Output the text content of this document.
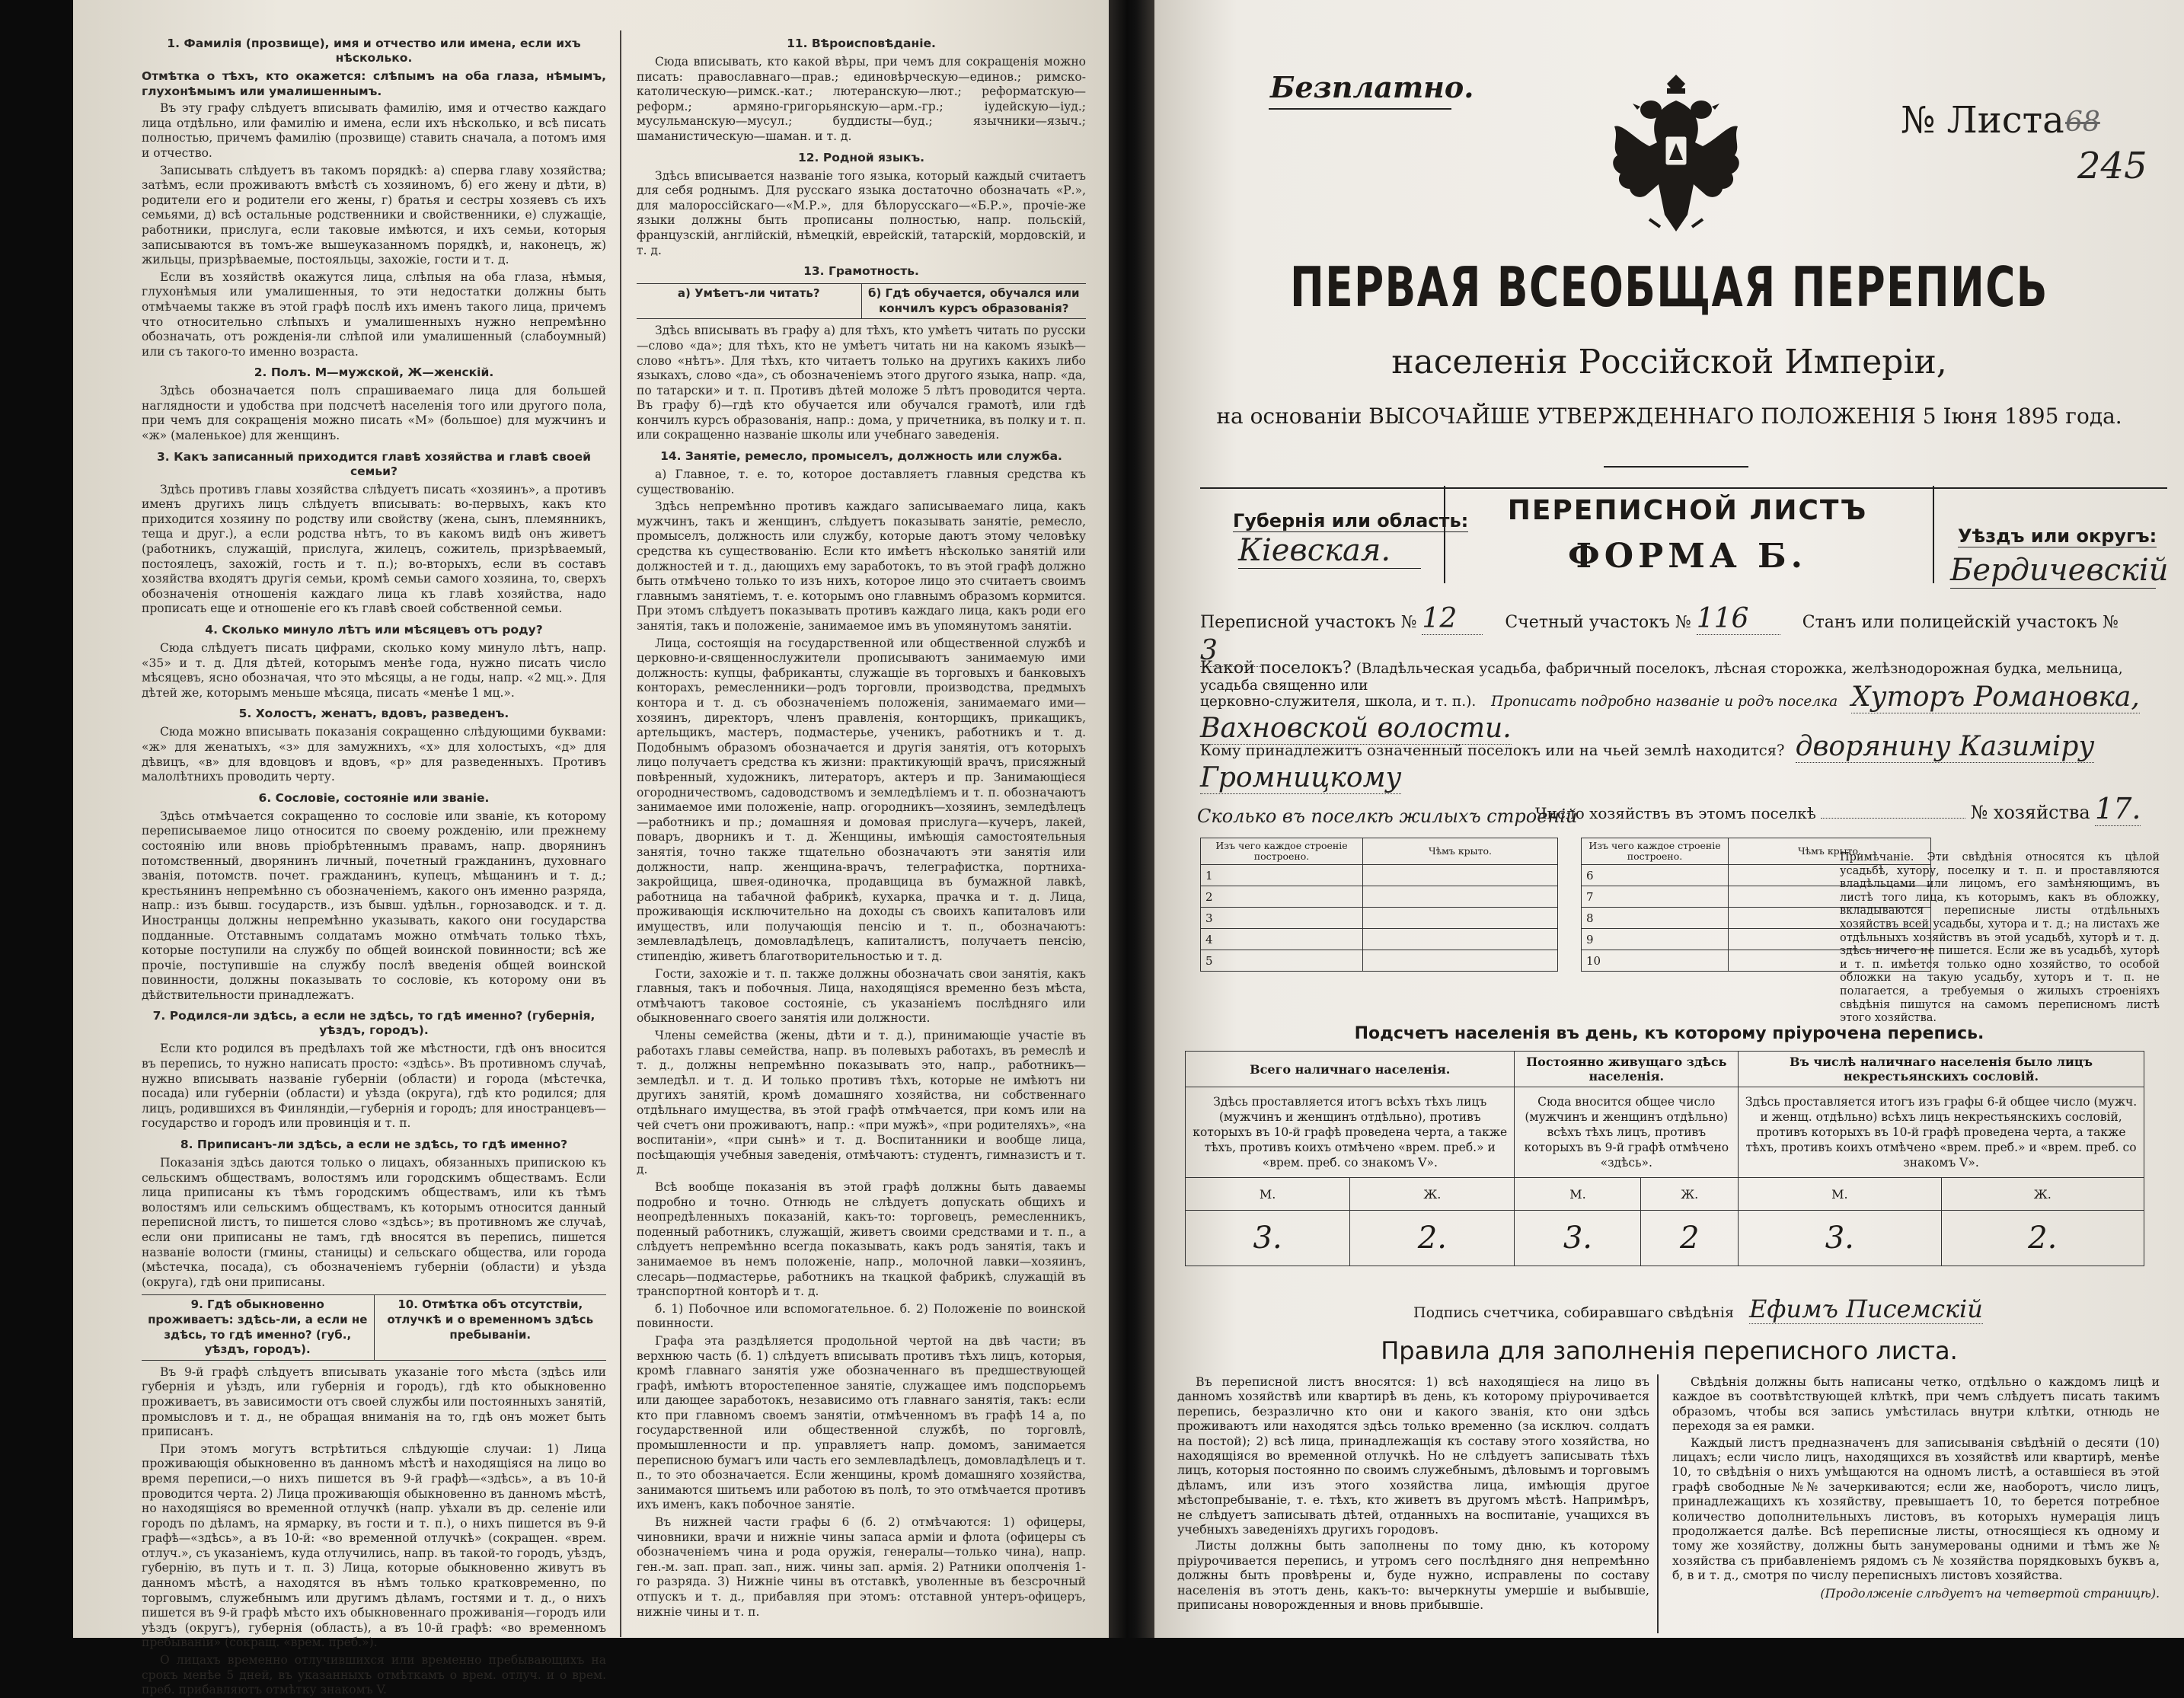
1. Фамилія (прозвище), имя и отчество или имена, если ихъ нѣсколько.

Отмѣтка о тѣхъ, кто окажется: слѣпымъ на оба глаза, нѣмымъ, глухонѣмымъ или умалишеннымъ.

Въ эту графу слѣдуетъ вписывать фамилію, имя и отчество каждаго лица отдѣльно, или фамилію и имена, если ихъ нѣсколько, и всѣ писать полностью, причемъ фамилію (прозвище) ставить сначала, а потомъ имя и отчество.

Записывать слѣдуетъ въ такомъ порядкѣ: а) сперва главу хозяйства; затѣмъ, если проживаютъ вмѣстѣ съ хозяиномъ, б) его жену и дѣти, в) родители его и родители его жены, г) братья и сестры хозяевъ съ ихъ семьями, д) всѣ остальные родственники и свойственники, е) служащіе, работники, прислуга, если таковые имѣются, и ихъ семьи, которыя записываются въ томъ-же вышеуказанномъ порядкѣ, и, наконецъ, ж) жильцы, призрѣваемые, постояльцы, захожіе, гости и т. д.

Если въ хозяйствѣ окажутся лица, слѣпыя на оба глаза, нѣмыя, глухонѣмыя или умалишенныя, то эти недостатки должны быть отмѣчаемы также въ этой графѣ послѣ ихъ именъ такого лица, причемъ что относительно слѣпыхъ и умалишенныхъ нужно непремѣнно обозначать, отъ рожденія-ли слѣпой или умалишенный (слабоумный) или съ такого-то именно возраста.

2. Полъ. М—мужской, Ж—женскій.

Здѣсь обозначается полъ спрашиваемаго лица для большей наглядности и удобства при подсчетѣ населенія того или другого пола, при чемъ для сокращенія можно писать «М» (большое) для мужчинъ и «ж» (маленькое) для женщинъ.

3. Какъ записанный приходится главѣ хозяйства и главѣ своей семьи?

Здѣсь противъ главы хозяйства слѣдуетъ писать «хозяинъ», а противъ именъ другихъ лицъ слѣдуетъ вписывать: во-первыхъ, какъ кто приходится хозяину по родству или свойству (жена, сынъ, племянникъ, теща и друг.), а если родства нѣтъ, то въ какомъ видѣ онъ живетъ (работникъ, служащій, прислуга, жилецъ, сожитель, призрѣваемый, постоялецъ, захожій, гость и т. п.); во-вторыхъ, если въ составъ хозяйства входятъ другія семьи, кромѣ семьи самого хозяина, то, сверхъ обозначенія отношенія каждаго лица къ главѣ хозяйства, надо прописать еще и отношеніе его къ главѣ своей собственной семьи.

4. Сколько минуло лѣтъ или мѣсяцевъ отъ роду?

Сюда слѣдуетъ писать цифрами, сколько кому минуло лѣтъ, напр. «35» и т. д. Для дѣтей, которымъ менѣе года, нужно писать число мѣсяцевъ, ясно обозначая, что это мѣсяцы, а не годы, напр. «2 мц.». Для дѣтей же, которымъ меньше мѣсяца, писать «менѣе 1 мц.».

5. Холостъ, женатъ, вдовъ, разведенъ.

Сюда можно вписывать показанія сокращенно слѣдующими буквами: «ж» для женатыхъ, «з» для замужнихъ, «х» для холостыхъ, «д» для дѣвицъ, «в» для вдовцовъ и вдовъ, «р» для разведенныхъ. Противъ малолѣтнихъ проводить черту.

6. Сословіе, состояніе или званіе.

Здѣсь отмѣчается сокращенно то сословіе или званіе, къ которому переписываемое лицо относится по своему рожденію, или прежнему состоянію или вновь пріобрѣтеннымъ правамъ, напр. дворянинъ потомственный, дворянинъ личный, почетный гражданинъ, духовнаго званія, потомств. почет. гражданинъ, купецъ, мѣщанинъ и т. д.; крестьянинъ непремѣнно съ обозначеніемъ, какого онъ именно разряда, напр.: изъ бывш. государств., изъ бывш. удѣльн., горнозаводск. и т. д. Иностранцы должны непремѣнно указывать, какого они государства подданные. Отставнымъ солдатамъ можно отмѣчать только тѣхъ, которые поступили на службу по общей воинской повинности; всѣ же прочіе, поступившіе на службу послѣ введенія общей воинской повинности, должны показывать то сословіе, къ которому они въ дѣйствительности принадлежатъ.

7. Родился-ли здѣсь, а если не здѣсь, то гдѣ именно? (губернія, уѣздъ, городъ).

Если кто родился въ предѣлахъ той же мѣстности, гдѣ онъ вносится въ перепись, то нужно написать просто: «здѣсь». Въ противномъ случаѣ, нужно вписывать названіе губерніи (области) и города (мѣстечка, посада) или губерніи (области) и уѣзда (округа), гдѣ кто родился; для лицъ, родившихся въ Финляндіи,—губернія и городъ; для иностранцевъ—государство и городъ или провинція и т. п.

8. Приписанъ-ли здѣсь, а если не здѣсь, то гдѣ именно?

Показанія здѣсь даются только о лицахъ, обязанныхъ припискою къ сельскимъ обществамъ, волостямъ или городскимъ обществамъ. Если лица приписаны къ тѣмъ городскимъ обществамъ, или къ тѣмъ волостямъ или сельскимъ обществамъ, къ которымъ относится данный переписной листъ, то пишется слово «здѣсь»; въ противномъ же случаѣ, если они приписаны не тамъ, гдѣ вносятся въ перепись, пишется названіе волости (гмины, станицы) и сельскаго общества, или города (мѣстечка, посада), съ обозначеніемъ губерніи (области) и уѣзда (округа), гдѣ они приписаны.

9. Гдѣ обыкновенно проживаетъ: здѣсь-ли, а если не здѣсь, то гдѣ именно? (губ., уѣздъ, городъ).
10. Отмѣтка объ отсутствіи, отлучкѣ и о временномъ здѣсь пребываніи.

Въ 9-й графѣ слѣдуетъ вписывать указаніе того мѣста (здѣсь или губернія и уѣздъ, или губернія и городъ), гдѣ кто обыкновенно проживаетъ, въ зависимости отъ своей службы или постоянныхъ занятій, промысловъ и т. д., не обращая вниманія на то, гдѣ онъ может быть приписанъ.

При этомъ могутъ встрѣтиться слѣдующіе случаи: 1) Лица проживающія обыкновенно въ данномъ мѣстѣ и находящіяся на лицо во время переписи,—о нихъ пишется въ 9-й графѣ—«здѣсь», а въ 10-й проводится черта. 2) Лица проживающія обыкновенно въ данномъ мѣстѣ, но находящіяся во временной отлучкѣ (напр. уѣхали въ др. селеніе или городъ по дѣламъ, на ярмарку, въ гости и т. п.), о нихъ пишется въ 9-й графѣ—«здѣсь», а въ 10-й: «во временной отлучкѣ» (сокращен. «врем. отлуч.», съ указаніемъ, куда отлучились, напр. въ такой-то городъ, уѣздъ, губернію, въ путь и т. п. 3) Лица, которые обыкновенно живутъ въ данномъ мѣстѣ, а находятся въ нѣмъ только кратковременно, по торговымъ, служебнымъ или другимъ дѣламъ, гостями и т. д., о нихъ пишется въ 9-й графѣ мѣсто ихъ обыкновеннаго проживанія—городъ или уѣздъ (округъ), губернія (область), а въ 10-й графѣ: «во временномъ пребываніи» (сокращ. «врем. преб.»).

О лицахъ временно отлучившихся или временно пребывающихъ на срокъ менѣе 5 дней, въ указанныхъ отмѣткамъ о врем. отлуч. и о врем. преб. прибавляютъ отмѣтку знакомъ V.

11. Вѣроисповѣданіе.

Сюда вписывать, кто какой вѣры, при чемъ для сокращенія можно писать: православнаго—прав.; единовѣрческую—единов.; римско-католическую—римск.-кат.; лютеранскую—лют.; реформатскую—реформ.; армяно-григорьянскую—арм.-гр.; іудейскую—іуд.; мусульманскую—мусул.; буддисты—буд.; язычники—языч.; шаманистическую—шаман. и т. д.

12. Родной языкъ.

Здѣсь вписывается названіе того языка, который каждый считаетъ для себя роднымъ. Для русскаго языка достаточно обозначать «Р.», для малороссійскаго—«М.Р.», для бѣлорусскаго—«Б.Р.», прочіе-же языки должны быть прописаны полностью, напр. польскій, французскій, англійскій, нѣмецкій, еврейскій, татарскій, мордовскій, и т. д.

13. Грамотность.
а) Умѣетъ-ли читать?	б) Гдѣ обучается, обучался или кончилъ курсъ образованія?

Здѣсь вписывать въ графу а) для тѣхъ, кто умѣетъ читать по русски—слово «да»; для тѣхъ, кто не умѣетъ читать ни на какомъ языкѣ—слово «нѣтъ». Для тѣхъ, кто читаетъ только на другихъ какихъ либо языкахъ, слово «да», съ обозначеніемъ этого другого языка, напр. «да, по татарски» и т. п. Противъ дѣтей моложе 5 лѣтъ проводится черта. Въ графу б)—гдѣ кто обучается или обучался грамотѣ, или гдѣ кончилъ курсъ образованія, напр.: дома, у причетника, въ полку и т. п. или сокращенно названіе школы или учебнаго заведенія.

14. Занятіе, ремесло, промыселъ, должность или служба.

а) Главное, т. е. то, которое доставляетъ главныя средства къ существованію.

Здѣсь непремѣнно противъ каждаго записываемаго лица, какъ мужчинъ, такъ и женщинъ, слѣдуетъ показывать занятіе, ремесло, промыселъ, должность или службу, которые даютъ этому человѣку средства къ существованію. Если кто имѣетъ нѣсколько занятій или должностей и т. д., дающихъ ему заработокъ, то въ этой графѣ должно быть отмѣчено только то изъ нихъ, которое лицо это считаетъ своимъ главнымъ занятіемъ, т. е. которымъ оно главнымъ образомъ кормится. При этомъ слѣдуетъ показывать противъ каждаго лица, какъ роди его занятія, такъ и положеніе, занимаемое имъ въ упомянутомъ занятіи.

Лица, состоящія на государственной или общественной службѣ и церковно-и-священнослужители прописываютъ занимаемую ими должность: купцы, фабриканты, служащіе въ торговыхъ и банковыхъ конторахъ, ремесленники—родъ торговли, производства, предмыхъ контора и т. д. съ обозначеніемъ положенія, занимаемаго ими—хозяинъ, директоръ, членъ правленія, конторщикъ, прикащикъ, артельщикъ, мастеръ, подмастерье, ученикъ, работникъ и т. д. Подобнымъ образомъ обозначается и другія занятія, отъ которыхъ лицо получаетъ средства къ жизни: практикующій врачъ, присяжный повѣренный, художникъ, литераторъ, актеръ и пр. Занимающіеся огородничествомъ, садоводствомъ и земледѣліемъ и т. п. обозначаютъ занимаемое ими положеніе, напр. огородникъ—хозяинъ, земледѣлецъ—работникъ и пр.; домашняя и домовая прислуга—кучеръ, лакей, поваръ, дворникъ и т. д. Женщины, имѣющія самостоятельныя занятія, точно также тщательно обозначаютъ эти занятія или должности, напр. женщина-врачъ, телеграфистка, портниха-закройщица, швея-одиночка, продавщица въ бумажной лавкѣ, работница на табачной фабрикѣ, кухарка, прачка и т. д. Лица, проживающія исключительно на доходы съ своихъ капиталовъ или имуществъ, или получающія пенсію и т. п., обозначаютъ: землевладѣлецъ, домовладѣлецъ, капиталистъ, получаетъ пенсію, стипендію, живетъ благотворительностью и т. д.

Гости, захожіе и т. п. также должны обозначать свои занятія, какъ главныя, такъ и побочныя. Лица, находящіяся временно безъ мѣста, отмѣчаютъ таковое состояніе, съ указаніемъ послѣдняго или обыкновеннаго своего занятія или должности.

Члены семейства (жены, дѣти и т. д.), принимающіе участіе въ работахъ главы семейства, напр. въ полевыхъ работахъ, въ ремеслѣ и т. д., должны непремѣнно показывать это, напр., работникъ—земледѣл. и т. д. И только противъ тѣхъ, которые не имѣютъ ни другихъ занятій, кромѣ домашняго хозяйства, ни собственнаго отдѣльнаго имущества, въ этой графѣ отмѣчается, при комъ или на чей счетъ они проживаютъ, напр.: «при мужѣ», «при родителяхъ», «на воспитаніи», «при сынѣ» и т. д. Воспитанники и вообще лица, посѣщающія учебныя заведенія, отмѣчаютъ: студентъ, гимназистъ и т. д.

Всѣ вообще показанія въ этой графѣ должны быть даваемы подробно и точно. Отнюдь не слѣдуетъ допускать общихъ и неопредѣленныхъ показаній, какъ-то: торговецъ, ремесленникъ, поденный работникъ, служащій, живетъ своими средствами и т. п., а слѣдуетъ непремѣнно всегда показывать, какъ родъ занятія, такъ и занимаемое въ немъ положеніе, напр., молочной лавки—хозяинъ, слесарь—подмастерье, работникъ на ткацкой фабрикѣ, служащій въ транспортной конторѣ и т. д.

б. 1) Побочное или вспомогательное. б. 2) Положеніе по воинской повинности.

Графа эта раздѣляется продольной чертой на двѣ части; въ верхнюю часть (б. 1) слѣдуетъ вписывать противъ тѣхъ лицъ, которыя, кромѣ главнаго занятія уже обозначеннаго въ предшествующей графѣ, имѣютъ второстепенное занятіе, служащее имъ подспорьемъ или дающее заработокъ, независимо отъ главнаго занятія, такъ: если кто при главномъ своемъ занятіи, отмѣченномъ въ графѣ 14 а, по государственной или общественной службѣ, по торговлѣ, промышленности и пр. управляетъ напр. домомъ, занимается переписною бумагъ или часть его землевладѣлецъ, домовладѣлецъ и т. п., то это обозначается. Если женщины, кромѣ домашняго хозяйства, занимаются шитьемъ или работою въ полѣ, то это отмѣчается противъ ихъ именъ, какъ побочное занятіе.

Въ нижней части графы 6 (б. 2) отмѣчаются: 1) офицеры, чиновники, врачи и нижніе чины запаса арміи и флота (офицеры съ обозначеніемъ чина и рода оружія, генералы—только чина), напр. ген.-м. зап. прап. зап., ниж. чины зап. армія. 2) Ратники ополченія 1-го разряда. 3) Нижніе чины въ отставкѣ, уволенные въ безсрочный отпускъ и т. д., прибавляя при этомъ: отставной унтеръ-офицеръ, нижніе чины и т. п.

Безплатно.
№ Листа 68
245
ПЕРВАЯ ВСЕОБЩАЯ ПЕРЕПИСЬ
населенія Россійской Имперіи,
на основаніи ВЫСОЧАЙШЕ УТВЕРЖДЕННАГО ПОЛОЖЕНІЯ 5 Іюня 1895 года.
ПЕРЕПИСНОЙ ЛИСТЪ
ФОРМА Б.
Губернія или область:
Кіевская.	Уѣздъ или округъ:
Бердичевскій
Переписной участокъ № 12	Счетный участокъ № 116	Станъ или полицейскій участокъ № 3
Какой поселокъ? (Владѣльческая усадьба, фабричный поселокъ, лѣсная сторожка, желѣзнодорожная будка, мельница, усадьба священно или
церковно-служителя, школа, и т. п.). Прописать подробно названіе и родъ поселка Хуторъ Романовка, Вахновской волости.
Кому принадлежитъ означенный поселокъ или на чьей землѣ находится? дворянину Казиміру Громницкому
Сколько въ поселкѣ жилыхъ строеній
Число хозяйствъ въ этомъ поселкѣ	№ хозяйства 17.
Изъ чего каждое строеніе построено.	Чѣмъ крыто.
1	
2	
3	
4	
5	
Изъ чего каждое строеніе построено.	Чѣмъ крыто.
6	
7	
8	
9	
10	
Примѣчаніе. Эти свѣдѣнія относятся къ цѣлой усадьбѣ, хутору, поселку и т. п. и проставляются владѣльцами или лицомъ, его замѣняющимъ, въ листѣ того лица, къ которымъ, какъ въ обложку, вкладываются переписные листы отдѣльныхъ хозяйствъ всей усадьбы, хутора и т. д.; на листахъ же отдѣльныхъ хозяйствъ въ этой усадьбѣ, хуторѣ и т. д. здѣсь ничего не пишется. Если же въ усадьбѣ, хуторѣ и т. п. имѣется только одно хозяйство, то особой обложки на такую усадьбу, хуторъ и т. п. не полагается, а требуемыя о жилыхъ строеніяхъ свѣдѣнія пишутся на самомъ переписномъ листѣ этого хозяйства.
Подсчетъ населенія въ день, къ которому пріурочена перепись.
Всего наличнаго населенія.		Постоянно живущаго здѣсь населенія.		Въ числѣ наличнаго населенія было лицъ некрестьянскихъ сословій.	
Здѣсь проставляется итогъ всѣхъ тѣхъ лицъ (мужчинъ и женщинъ отдѣльно), противъ которыхъ въ 10-й графѣ проведена черта, а также тѣхъ, противъ коихъ отмѣчено «врем. преб.» и «врем. преб. со знакомъ V».		Сюда вносится общее число (мужчинъ и женщинъ отдѣльно) всѣхъ тѣхъ лицъ, противъ которыхъ въ 9-й графѣ отмѣчено «здѣсь».		Здѣсь проставляется итогъ изъ графы 6-й общее число (мужч. и женщ. отдѣльно) всѣхъ лицъ некрестьянскихъ сословій, противъ которыхъ въ 10-й графѣ проведена черта, а также тѣхъ, противъ коихъ отмѣчено «врем. преб.» и «врем. преб. со знакомъ V».	
М.	Ж.	М.	Ж.	М.	Ж.
3.	2.	3.	2	3.	2.
Подпись счетчика, собиравшаго свѣдѣнія Ефимъ Писемскій
Правила для заполненія переписного листа.

Въ переписной листъ вносятся: 1) всѣ находящіеся на лицо въ данномъ хозяйствѣ или квартирѣ въ день, къ которому пріурочивается перепись, безразлично кто они и какого званія, кто они здѣсь проживаютъ или находятся здѣсь только временно (за исключ. солдатъ на постой); 2) всѣ лица, принадлежащія къ составу этого хозяйства, но находящіяся во временной отлучкѣ. Но не слѣдуетъ записывать тѣхъ лицъ, которыя постоянно по своимъ служебнымъ, дѣловымъ и торговымъ дѣламъ, или изъ этого хозяйства лица, имѣющія другое мѣстопребываніе, т. е. тѣхъ, кто живетъ въ другомъ мѣстѣ. Напримѣръ, не слѣдуетъ записывать дѣтей, отданныхъ на воспитаніе, учащихся въ учебныхъ заведеніяхъ другихъ городовъ.

Листы должны быть заполнены по тому дню, къ которому пріурочивается перепись, и утромъ сего послѣдняго дня непремѣнно должны быть провѣрены и, буде нужно, исправлены по составу населенія въ этотъ день, какъ-то: вычеркнуты умершіе и выбывшіе, приписаны новорожденныя и вновь прибывшіе.

Свѣдѣнія должны быть написаны четко, отдѣльно о каждомъ лицѣ и каждое въ соотвѣтствующей клѣткѣ, при чемъ слѣдуетъ писать такимъ образомъ, чтобы вся запись умѣстилась внутри клѣтки, отнюдь не переходя за ея рамки.

Каждый листъ предназначенъ для записыванія свѣдѣній о десяти (10) лицахъ; если число лицъ, находящихся въ хозяйствѣ или квартирѣ, менѣе 10, то свѣдѣнія о нихъ умѣщаются на одномъ листѣ, а оставшіеся въ этой графѣ свободные №№ зачеркиваются; если же, наоборотъ, число лицъ, принадлежащихъ къ хозяйству, превышаетъ 10, то берется потребное количество дополнительныхъ листовъ, въ которыхъ нумерація лицъ продолжается далѣе. Всѣ переписные листы, относящіеся къ одному и тому же хозяйству, должны быть занумерованы одними и тѣмъ же № хозяйства съ прибавленіемъ рядомъ съ № хозяйства порядковыхъ буквъ а, б, в и т. д., смотря по числу переписныхъ листовъ хозяйства.

(Продолженіе слѣдуетъ на четвертой страницѣ).
